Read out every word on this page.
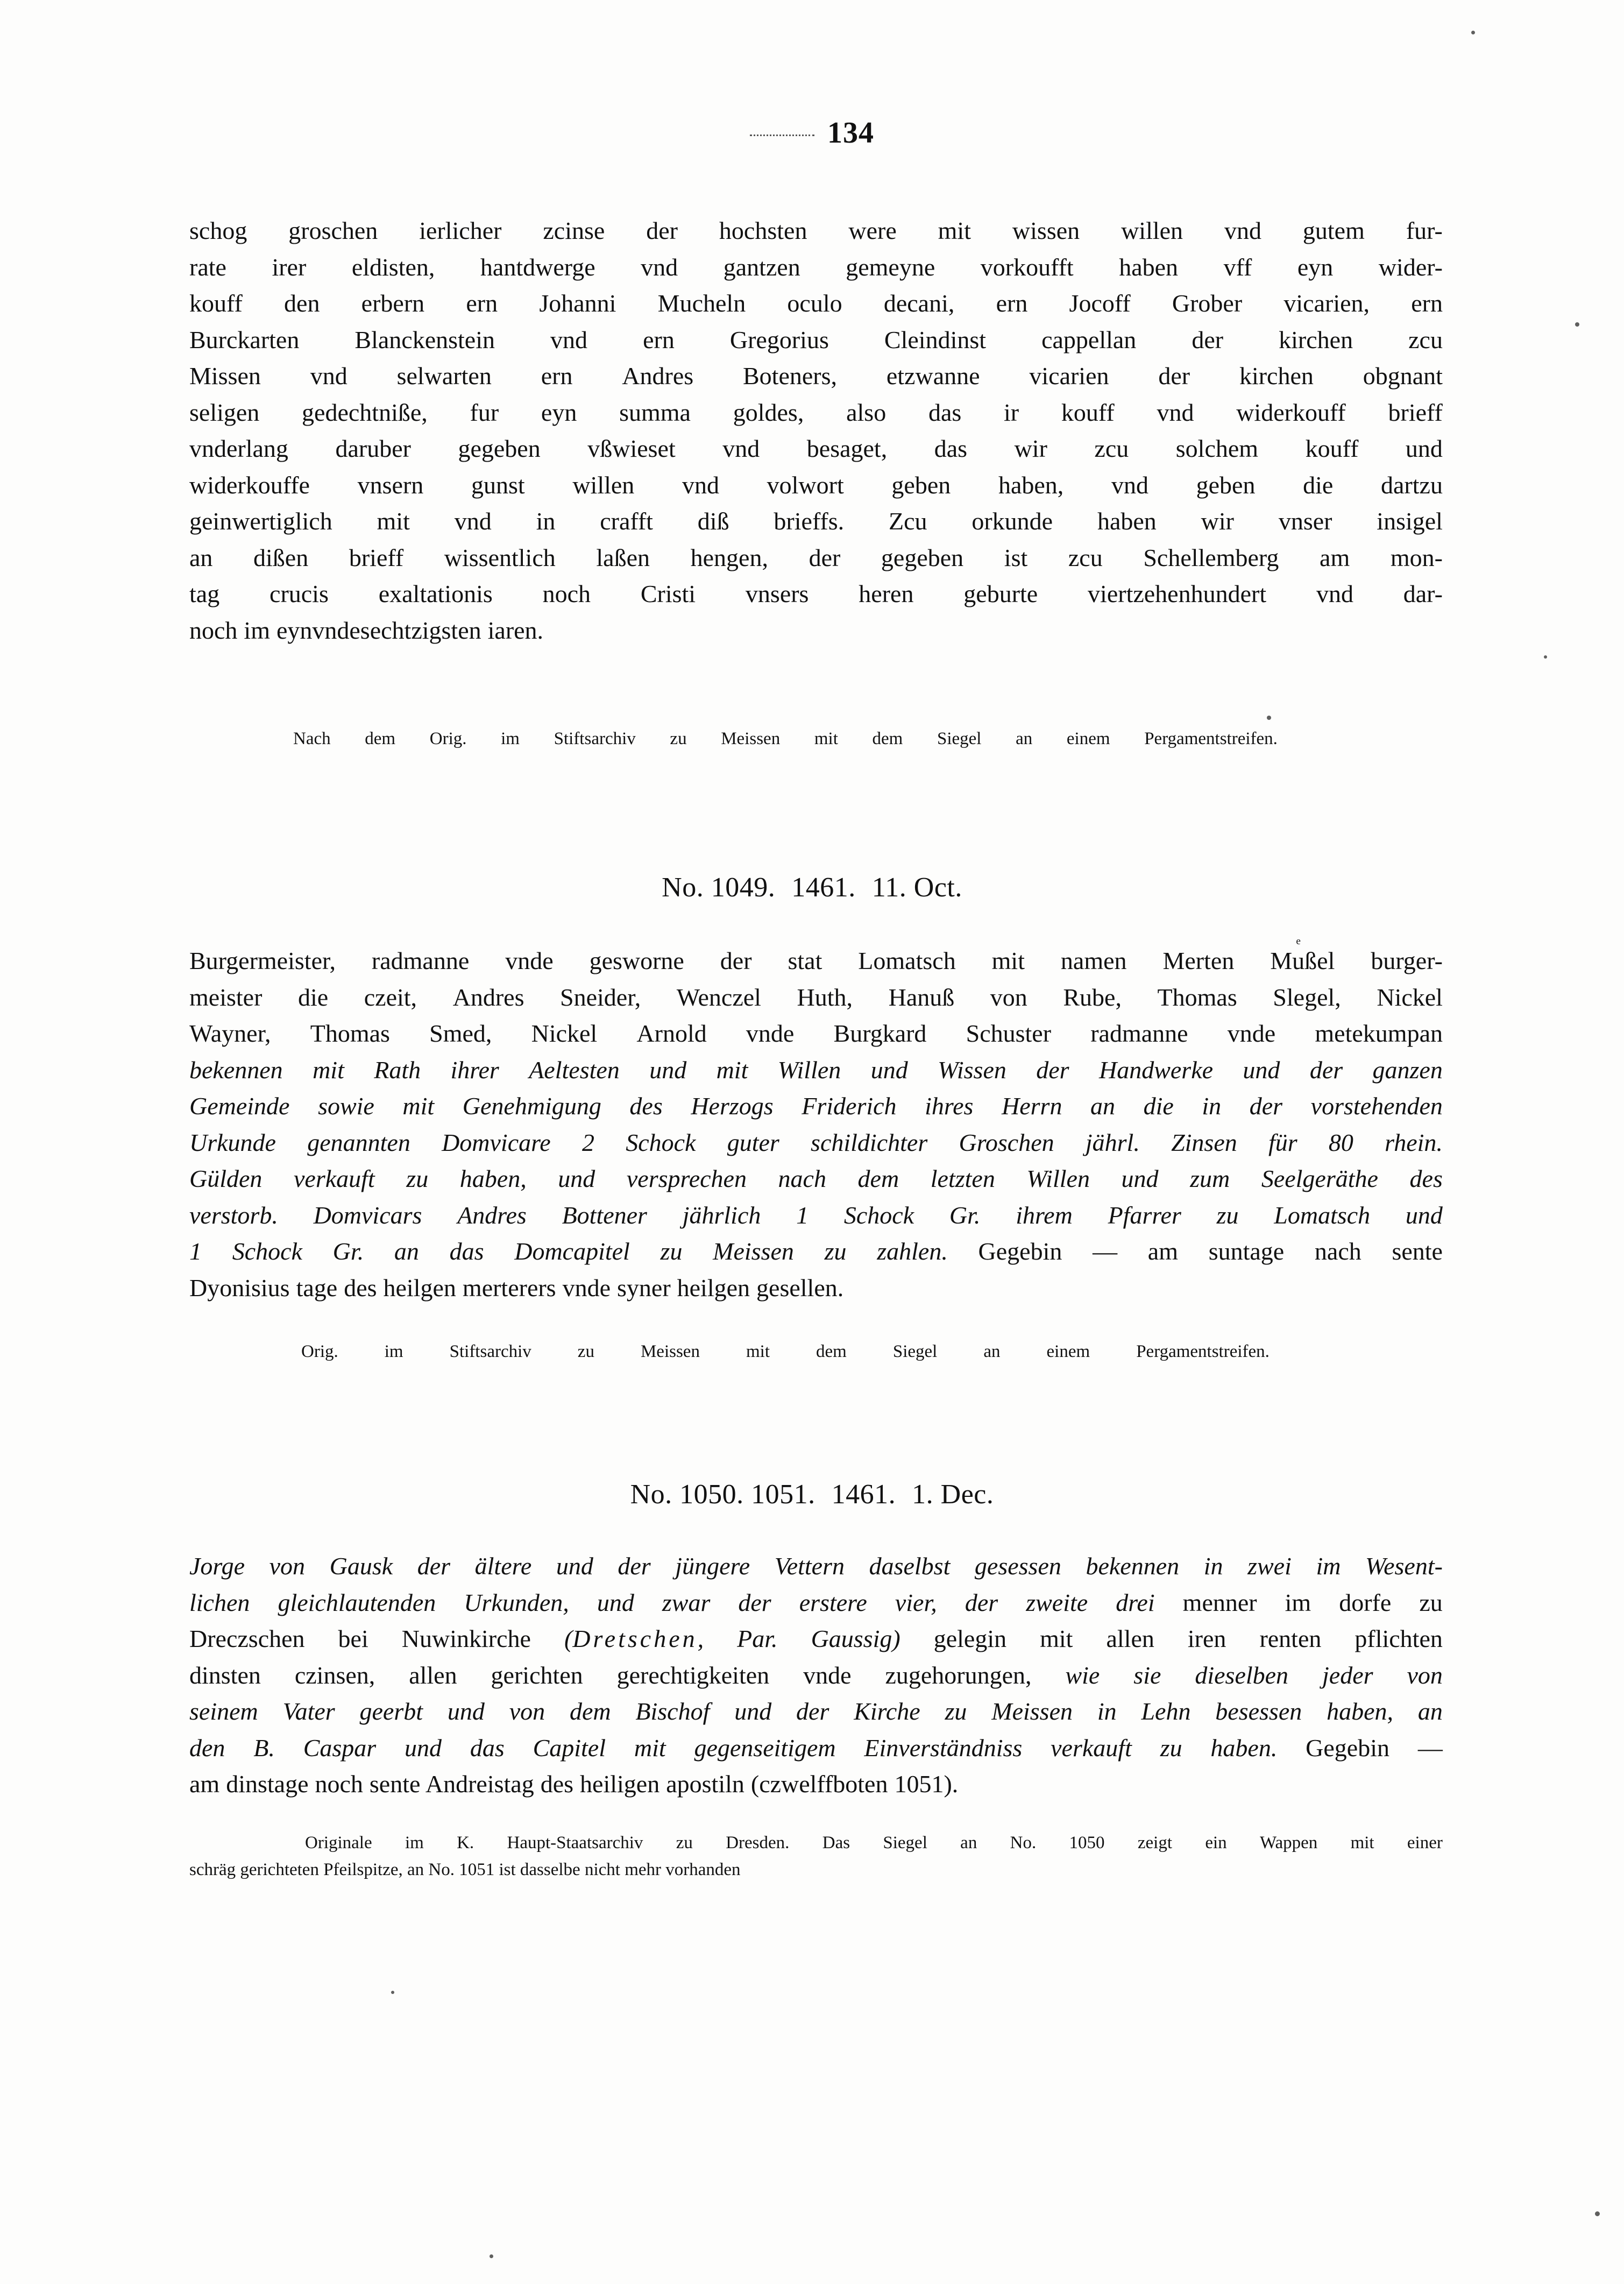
134
schog groschen ierlicher zcinse der hochsten were mit wissen willen vnd gutem fur-
rate irer eldisten, hantdwerge vnd gantzen gemeyne vorkoufft haben vff eyn wider-
kouff den erbern ern Johanni Mucheln oculo decani, ern Jocoff Grober vicarien, ern
Burckarten Blanckenstein vnd ern Gregorius Cleindinst cappellan der kirchen zcu
Missen vnd selwarten ern Andres Boteners, etzwanne vicarien der kirchen obgnant
seligen gedechtniße, fur eyn summa goldes, also das ir kouff vnd widerkouff brieff
vnderlang daruber gegeben vßwieset vnd besaget, das wir zcu solchem kouff und
widerkouffe vnsern gunst willen vnd volwort geben haben, vnd geben die dartzu
geinwertiglich mit vnd in crafft diß brieffs. Zcu orkunde haben wir vnser insigel
an dißen brieff wissentlich laßen hengen, der gegeben ist zcu Schellemberg am mon-
tag crucis exaltationis noch Cristi vnsers heren geburte viertzehenhundert vnd dar-
noch im eynvndesechtzigsten iaren.
Nach dem Orig. im Stiftsarchiv zu Meissen mit dem Siegel an einem Pergamentstreifen.
No. 1049. 1461. 11. Oct.
Burgermeister, radmanne vnde gesworne der stat Lomatsch mit namen Merten Mu
e
ßel burger-
meister die czeit, Andres Sneider, Wenczel Huth, Hanuß von Rube, Thomas Slegel, Nickel
Wayner, Thomas Smed, Nickel Arnold vnde Burgkard Schuster radmanne vnde metekumpan
bekennen mit Rath ihrer Aeltesten und mit Willen und Wissen der Handwerke und der ganzen
Gemeinde sowie mit Genehmigung des Herzogs Friderich ihres Herrn an die in der vorstehenden
Urkunde genannten Domvicare 2 Schock guter schildichter Groschen jährl. Zinsen für 80 rhein.
Gülden verkauft zu haben, und versprechen nach dem letzten Willen und zum Seelgeräthe des
verstorb. Domvicars Andres Bottener jährlich 1 Schock Gr. ihrem Pfarrer zu Lomatsch und
1 Schock Gr. an das Domcapitel zu Meissen zu zahlen. Gegebin — am suntage nach sente
Dyonisius tage des heilgen merterers vnde syner heilgen gesellen.
Orig.	im	Stiftsarchiv	zu	Meissen	mit	dem	Siegel	an	einem	Pergamentstreifen.
No. 1050. 1051. 1461. 1. Dec.
Jorge von Gausk der ältere und der jüngere Vettern daselbst gesessen bekennen in zwei im Wesent-
lichen gleichlautenden Urkunden, und zwar der erstere vier, der zweite drei menner im dorfe zu
Dreczschen bei Nuwinkirche (Dretschen, Par. Gaussig) gelegin mit allen iren renten pflichten
dinsten czinsen, allen gerichten gerechtigkeiten vnde zugehorungen, wie sie dieselben jeder von
seinem Vater geerbt und von dem Bischof und der Kirche zu Meissen in Lehn besessen haben, an
den B. Caspar und das Capitel mit gegenseitigem Einverständniss verkauft zu haben. Gegebin —
am dinstage noch sente Andreistag des heiligen apostiln (czwelffboten 1051).
Originale im K. Haupt-Staatsarchiv zu Dresden. Das Siegel an No. 1050 zeigt ein Wappen mit einer
schräg gerichteten Pfeilspitze, an No. 1051 ist dasselbe nicht mehr vorhanden
